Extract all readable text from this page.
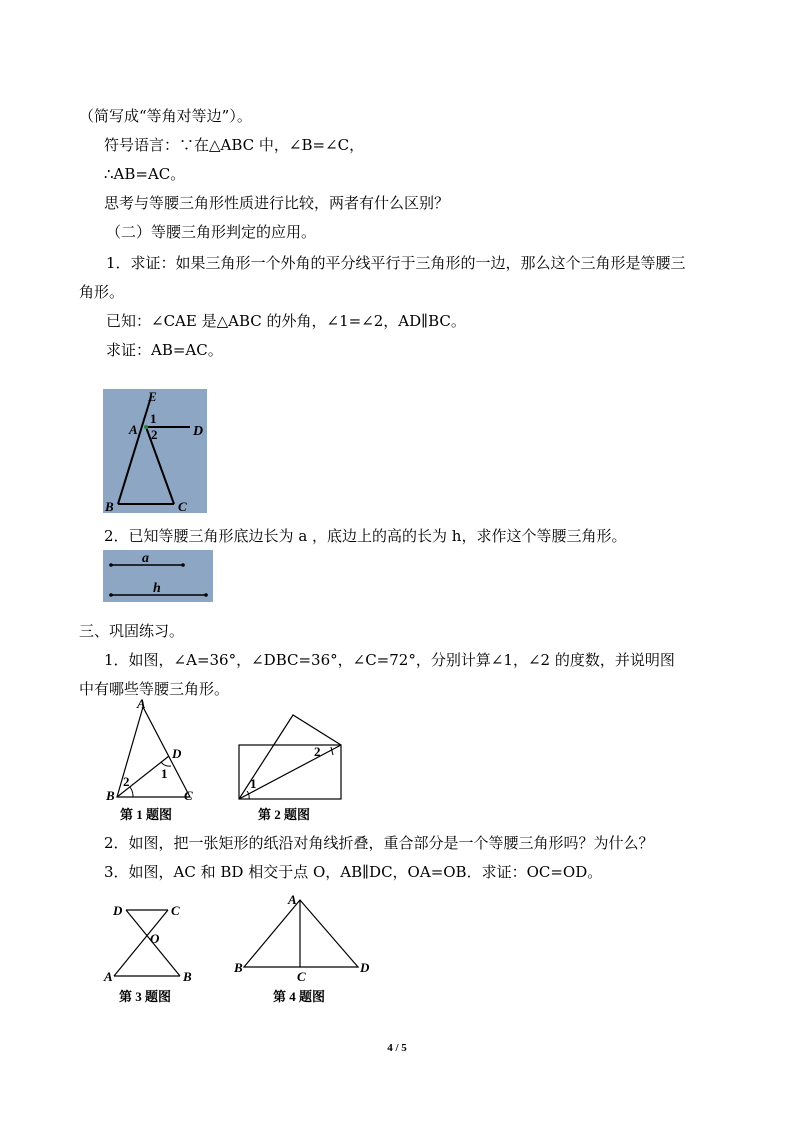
（简写成“等角对等边”）。
符号语言：∵在△ABC 中，∠B=∠C，
∴AB=AC。
思考与等腰三角形性质进行比较，两者有什么区别？
（二）等腰三角形判定的应用。
1．求证：如果三角形一个外角的平分线平行于三角形的一边，那么这个三角形是等腰三
角形。
已知：∠CAE 是△ABC 的外角，∠1=∠2，AD∥BC。
求证：AB=AC。
E
1
A 2	D
B	C
2．已知等腰三角形底边长为 a ，底边上的高的长为 h，求作这个等腰三角形。
a
h
三、巩固练习。
1．如图，∠A=36°，∠DBC=36°，∠C=72°，分别计算∠1，∠2 的度数，并说明图
中有哪些等腰三角形。
A
D
1
2
B	C
第 1 题图
2
1
第 2 题图
2．如图，把一张矩形的纸沿对角线折叠，重合部分是一个等腰三角形吗？为什么？
3．如图，AC 和 BD 相交于点 O，AB∥DC，OA=OB．求证：OC=OD。
D	C
O
A	B
第 3 题图
A
B
C
D
第 4 题图
4 / 5
